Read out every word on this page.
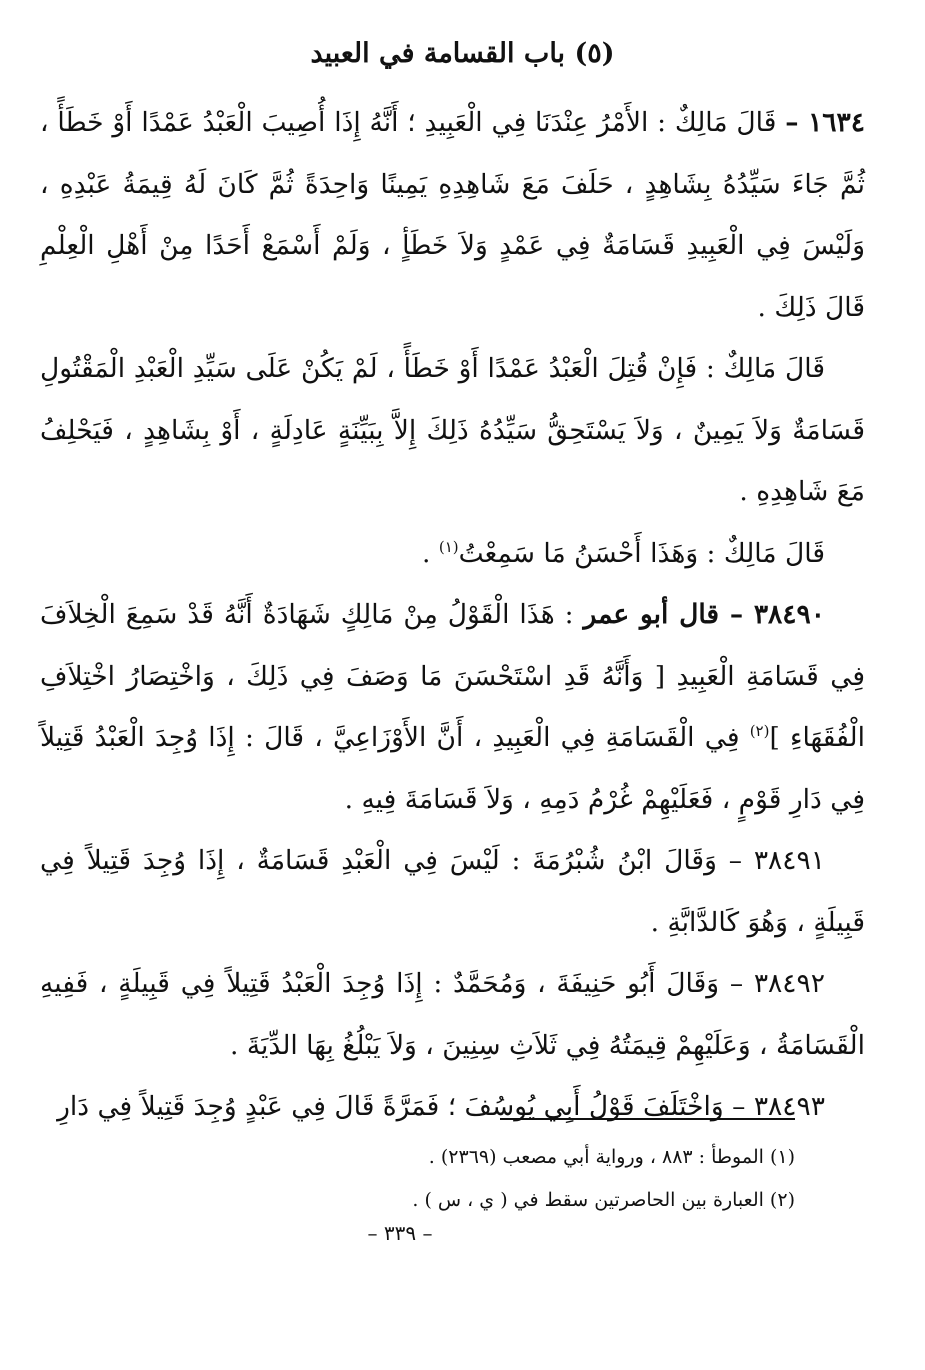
(٥) باب القسامة في العبيد

١٦٣٤ – قَالَ مَالِكٌ : الأَمْرُ عِنْدَنَا فِي الْعَبِيدِ ؛ أَنَّهُ إِذَا أُصِيبَ الْعَبْدُ عَمْدًا أَوْ خَطَأً ، ثُمَّ جَاءَ سَيِّدُهُ بِشَاهِدٍ ، حَلَفَ مَعَ شَاهِدِهِ يَمِينًا وَاحِدَةً ثُمَّ كَانَ لَهُ قِيمَةُ عَبْدِهِ ، وَلَيْسَ فِي الْعَبِيدِ قَسَامَةٌ فِي عَمْدٍ وَلاَ خَطَأٍ ، وَلَمْ أَسْمَعْ أَحَدًا مِنْ أَهْلِ الْعِلْمِ قَالَ ذَلِكَ .

قَالَ مَالِكٌ : فَإِنْ قُتِلَ الْعَبْدُ عَمْدًا أَوْ خَطَأً ، لَمْ يَكُنْ عَلَى سَيِّدِ الْعَبْدِ الْمَقْتُولِ قَسَامَةٌ وَلاَ يَمِينٌ ، وَلاَ يَسْتَحِقُّ سَيِّدُهُ ذَلِكَ إِلاَّ بِبَيِّنَةٍ عَادِلَةٍ ، أَوْ بِشَاهِدٍ ، فَيَحْلِفُ مَعَ شَاهِدِهِ .

قَالَ مَالِكٌ : وَهَذَا أَحْسَنُ مَا سَمِعْتُ$^{(١)}$ .

٣٨٤٩٠ – قال أبو عمر : هَذَا الْقَوْلُ مِنْ مَالِكٍ شَهَادَةٌ أَنَّهُ قَدْ سَمِعَ الْخِلاَفَ فِي قَسَامَةِ الْعَبِيدِ [ وَأَنَّهُ قَدِ اسْتَحْسَنَ مَا وَصَفَ فِي ذَلِكَ ، وَاخْتِصَارُ اخْتِلاَفِ الْفُقَهَاءِ ]$^{(٢)}$ فِي الْقَسَامَةِ فِي الْعَبِيدِ ، أَنَّ الأَوْزَاعِيَّ ، قَالَ : إِذَا وُجِدَ الْعَبْدُ قَتِيلاً فِي دَارِ قَوْمٍ ، فَعَلَيْهِمْ غُرْمُ دَمِهِ ، وَلاَ قَسَامَةَ فِيهِ .

٣٨٤٩١ – وَقَالَ ابْنُ شُبْرُمَةَ : لَيْسَ فِي الْعَبْدِ قَسَامَةٌ ، إِذَا وُجِدَ قَتِيلاً فِي قَبِيلَةٍ ، وَهُوَ كَالدَّابَّةِ .

٣٨٤٩٢ – وَقَالَ أَبُو حَنِيفَةَ ، وَمُحَمَّدٌ : إِذَا وُجِدَ الْعَبْدُ قَتِيلاً فِي قَبِيلَةٍ ، فَفِيهِ الْقَسَامَةُ ، وَعَلَيْهِمْ قِيمَتُهُ فِي ثَلاَثِ سِنِينَ ، وَلاَ يَبْلُغُ بِهَا الدِّيَةَ .

٣٨٤٩٣ – وَاخْتَلَفَ قَوْلُ أَبِي يُوسُفَ ؛ فَمَرَّةً قَالَ فِي عَبْدٍ وُجِدَ قَتِيلاً فِي دَارِ

(١) الموطأ : ٨٨٣ ، ورواية أبي مصعب (٢٣٦٩) .

(٢) العبارة بين الحاصرتين سقط في ( ي ، س ) .

– ٣٣٩ –
